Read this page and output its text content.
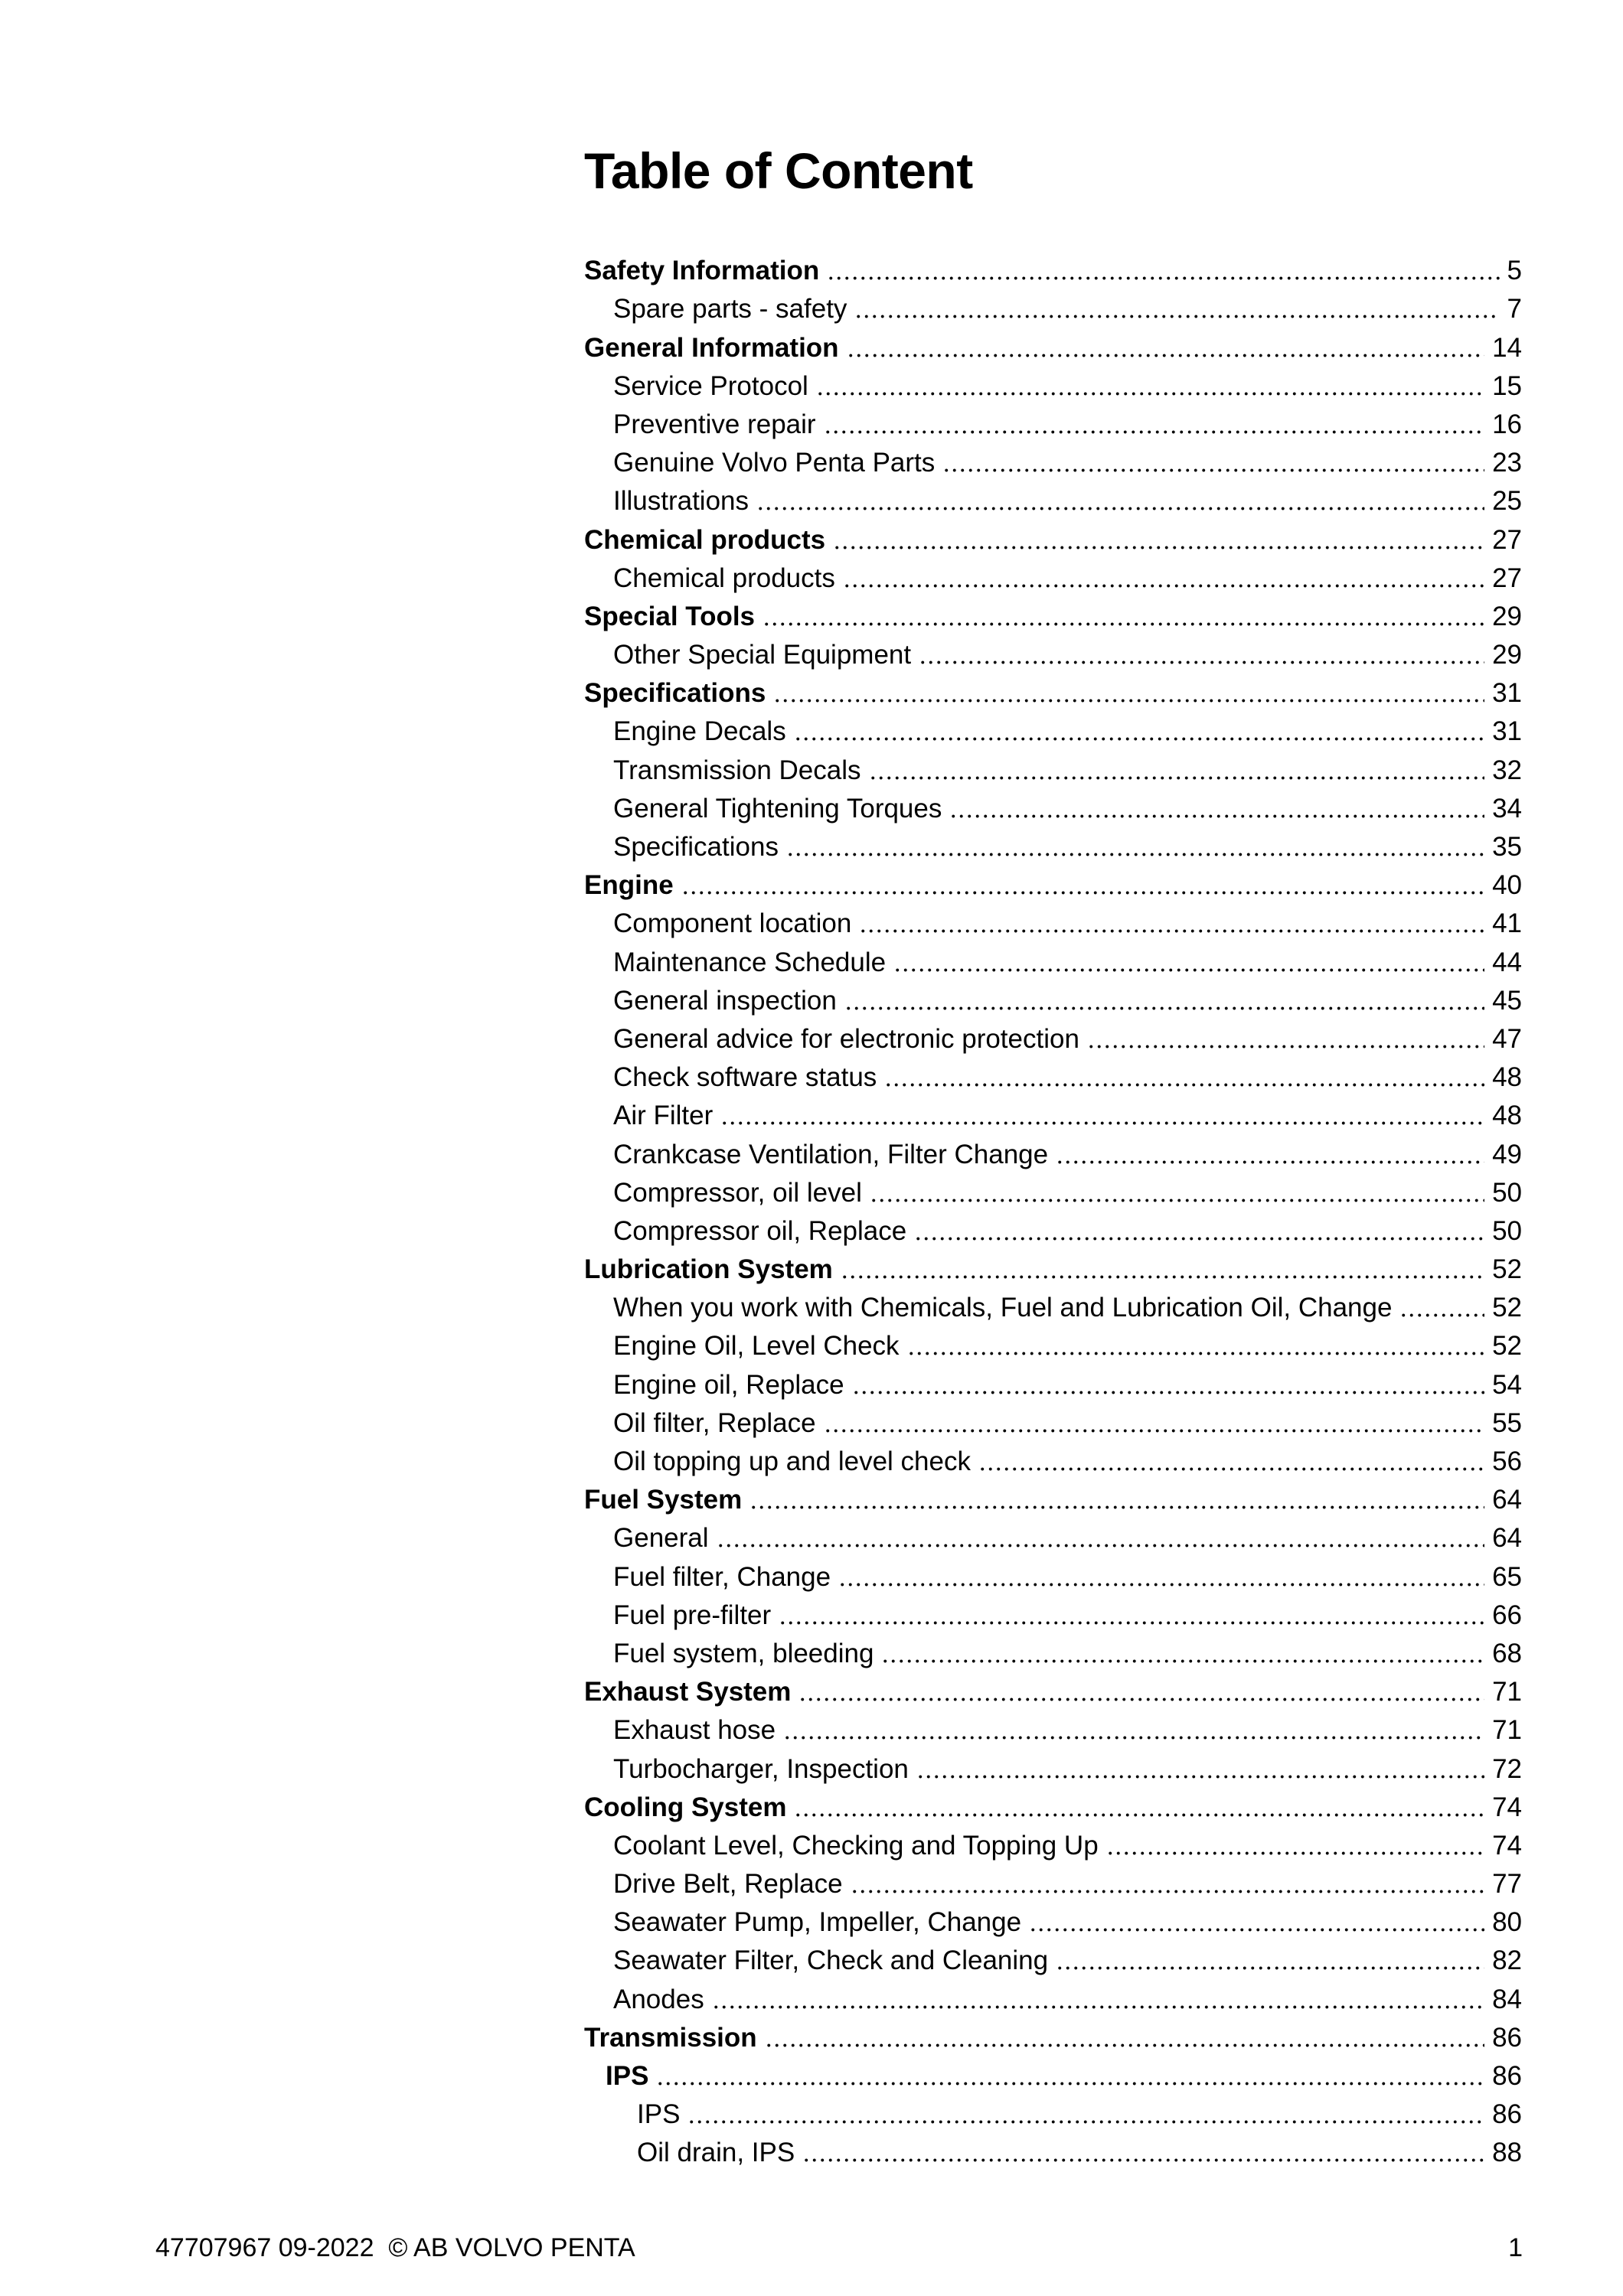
Table of Content
Safety Information	5
Spare parts - safety	7
General Information	14
Service Protocol	15
Preventive repair	16
Genuine Volvo Penta Parts	23
Illustrations	25
Chemical products	27
Chemical products	27
Special Tools	29
Other Special Equipment	29
Specifications	31
Engine Decals	31
Transmission Decals	32
General Tightening Torques	34
Specifications	35
Engine	40
Component location	41
Maintenance Schedule	44
General inspection	45
General advice for electronic protection	47
Check software status	48
Air Filter	48
Crankcase Ventilation, Filter Change	49
Compressor, oil level	50
Compressor oil, Replace	50
Lubrication System	52
When you work with Chemicals, Fuel and Lubrication Oil, Change	52
Engine Oil, Level Check	52
Engine oil, Replace	54
Oil filter, Replace	55
Oil topping up and level check	56
Fuel System	64
General	64
Fuel filter, Change	65
Fuel pre-filter	66
Fuel system, bleeding	68
Exhaust System	71
Exhaust hose	71
Turbocharger, Inspection	72
Cooling System	74
Coolant Level, Checking and Topping Up	74
Drive Belt, Replace	77
Seawater Pump, Impeller, Change	80
Seawater Filter, Check and Cleaning	82
Anodes	84
Transmission	86
IPS	86
IPS	86
Oil drain, IPS	88
47707967 09-2022  © AB VOLVO PENTA	1
